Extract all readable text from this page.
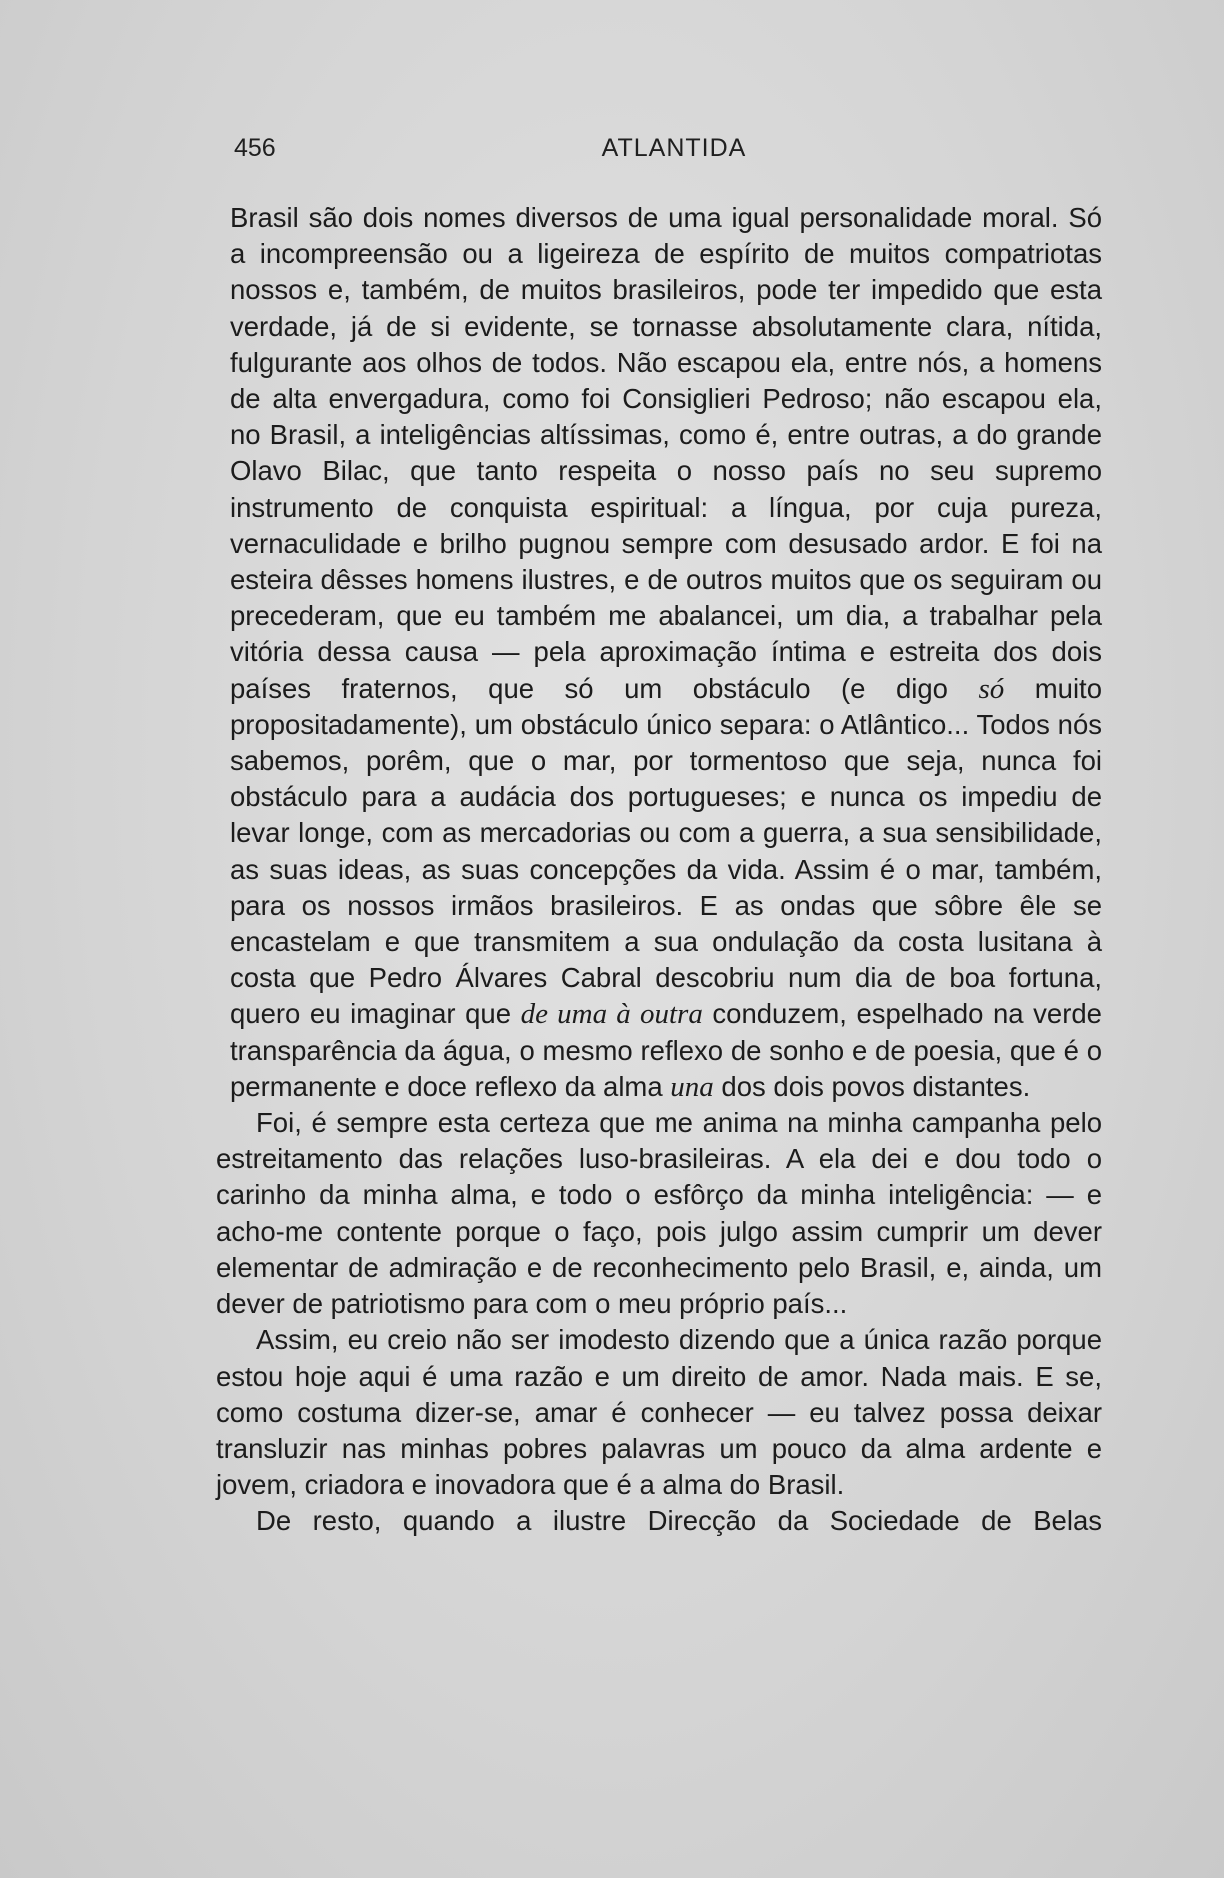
456	ATLANTIDA

Brasil são dois nomes diversos de uma igual personalidade moral. Só a incompreensão ou a ligeireza de espírito de muitos compatriotas nossos e, também, de muitos brasileiros, pode ter impedido que esta verdade, já de si evidente, se tornasse absolutamente clara, nítida, fulgurante aos olhos de todos. Não escapou ela, entre nós, a homens de alta envergadura, como foi Consiglieri Pedroso; não escapou ela, no Brasil, a inteligências altíssimas, como é, entre outras, a do grande Olavo Bilac, que tanto respeita o nosso país no seu supremo instrumento de conquista espiritual: a língua, por cuja pureza, vernaculidade e brilho pugnou sempre com desusado ardor. E foi na esteira dêsses homens ilustres, e de outros muitos que os seguiram ou precederam, que eu também me abalancei, um dia, a trabalhar pela vitória dessa causa — pela aproximação íntima e estreita dos dois países fraternos, que só um obstáculo (e digo só muito propositadamente), um obstáculo único separa: o Atlântico... Todos nós sabemos, porêm, que o mar, por tormentoso que seja, nunca foi obstáculo para a audácia dos portugueses; e nunca os impediu de levar longe, com as mercadorias ou com a guerra, a sua sensibilidade, as suas ideas, as suas concepções da vida. Assim é o mar, também, para os nossos irmãos brasileiros. E as ondas que sôbre êle se encastelam e que transmitem a sua ondulação da costa lusitana à costa que Pedro Álvares Cabral descobriu num dia de boa fortuna, quero eu imaginar que de uma à outra conduzem, espelhado na verde transparência da água, o mesmo reflexo de sonho e de poesia, que é o permanente e doce reflexo da alma una dos dois povos distantes.

Foi, é sempre esta certeza que me anima na minha campanha pelo estreitamento das relações luso-brasileiras. A ela dei e dou todo o carinho da minha alma, e todo o esfôrço da minha inteligência: — e acho-me contente porque o faço, pois julgo assim cumprir um dever elementar de admiração e de reconhecimento pelo Brasil, e, ainda, um dever de patriotismo para com o meu próprio país...

Assim, eu creio não ser imodesto dizendo que a única razão porque estou hoje aqui é uma razão e um direito de amor. Nada mais. E se, como costuma dizer-se, amar é conhecer — eu talvez possa deixar transluzir nas minhas pobres palavras um pouco da alma ardente e jovem, criadora e inovadora que é a alma do Brasil.

De resto, quando a ilustre Direcção da Sociedade de Belas
